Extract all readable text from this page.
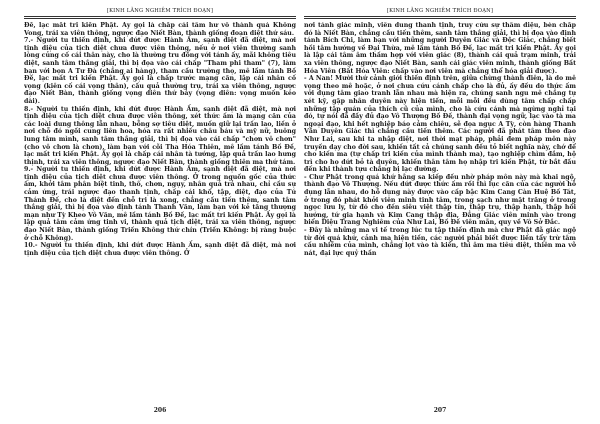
[KINH LĂNG NGHIÊM TRÍCH ĐOẠN]

Đề, lạc mất tri kiến Phật. Ấy gọi là chấp cái tâm hư vô thành quả Không Vong, trái xa viên thông, ngược đạo Niết Bàn, thành giống đoạn diệt thứ sáu.

7.- Người tu thiền định, khi dứt được Hành Ấm, sạnh diệt đã diệt, mà nơi tịnh diệu của tịch diệt chưa được viên thông, nếu ở nơi viên thường sanh lòng củng cố cái thân này, cho là thường tru đồng với tánh ấy, mãi không tiêu diệt, sanh tâm thắng giải, thì bị đọa vào cái chấp "Tham phi tham" (7), làm bạn với bọn A Tư Đà (chẳng ai hàng), tham cầu trường thọ, mê lầm tánh Bồ Đề, lạc mất tri kiến Phật. Ấy gọi là chấp trước mạng căn, lập cái nhân cố vọng (kiên cố cái vọng thân), cầu quả thường trụ, trái xa viên thông, ngược đạo Niết Bàn, thành giống vọng diên thứ bảy (vọng diên: vọng muốn kéo dài).

8.- Người tu thiền định, khi dứt được Hành Ấm, sạnh diệt đã diệt, mà nơi tịnh diệu của tịch diệt chưa được viên thông, xét thức ấm là mạng căn của các loài dung thông lẫn nhau, bỗng sợ tiêu diệt, muốn giữ lại trần lao, liền ở nơi chỗ đó ngồi cung liên hoa, hóa ra rất nhiều châu báu và mỹ nữ, buông lung tâm mình, sanh tâm thắng giải, thì bị đọa vào cái chấp "chơn vô chơn" (cho vô chơn là chơn), làm bạn với cõi Tha Hóa Thiên, mê lầm tánh Bồ Đề, lạc mất tri kiến Phật. Ấy gọi là chấp cái nhân tà tướng, lập quả trần lao hưng thịnh, trái xa viên thông, ngược đạo Niết Bàn, thành giống thiên ma thứ tám.

9.- Người tu thiền định, khi dứt được Hành Ấm, sạnh diệt đã diệt, mà nơi tịnh diệu của tịch diệt chưa được viên thông. Ở trong nguồn gốc của thức ấm, khởi tâm phân biệt tinh, thô, chơn, ngụy, nhân quả trả nhau, chỉ cầu sự cảm ứng, trái ngược đạo thanh tịnh, chấp cái khổ, tập, diệt, đạo của Tứ Thánh Đế, cho là diệt đến chỗ tri là xong, chẳng cầu tiến thêm, sanh tâm thắng giải, thì bị đọa vào định tánh Thanh Văn, làm bạn với kẻ tăng thượng mạn như Tỳ Kheo Vô Văn, mê lầm tánh Bồ Đề, lạc mất tri kiến Phật. Ấy gọi là lập quả tâm cảm ứng tinh vi, thành quả tịch diệt, trái xa viên thông, ngược đạo Niết Bàn, thành giống Triền Không thứ chín (Triền Không: bị ràng buộc ở chỗ Không).

10.- Người tu thiền định, khi dứt được Hành Ấm, sạnh diệt đã diệt, mà nơi tịnh diệu của tịch diệt chưa được viên thông. Ở

206
[KINH LĂNG NGHIÊM TRÍCH ĐOẠN]

nơi tánh giác minh, viên dung thanh tịnh, truy cứu sự thâm diệu, bèn chấp đó là Niết Bàn, chẳng cầu tiến thêm, sanh tâm thắng giải, thì bị đọa vào định tánh Bích Chi, làm bạn với những người Duyên Giác và Độc Giác, chẳng biết hồi tâm hướng về Đại Thừa, mê lầm tánh Bồ Đề, lạc mất tri kiến Phật. Ấy gọi là lập cái tâm âm thầm hợp với viên giác (8), thành cái quả trạm minh, trái xa viên thông, ngược đạo Niết Bàn, sanh cái giác viên minh, thành giống Bất Hóa Viên (Bất Hóa Viên: chấp vào nơi viên mà chẳng thể hóa giải được).

- A Nan! Mười thứ cảnh giới thiền định trên, giữa chừng thành điên, là do mê vọng theo mê hoặc, ở nơi chưa cứu cánh chấp cho là đủ, ấy đều do thức ấm với dụng tâm giao tranh lẫn nhau mà hiện ra, chúng sanh ngu mê chẳng tự xét kỹ, gặp nhân duyên này hiện tiền, mỗi mỗi đều dùng tâm chấp chấp những tập quán của thích cũ của mình, cho là cứu cánh mà ngừng nghỉ tại đó, tự nói đã đầy đủ đạo Vô Thượng Bồ Đề, thành đại vọng ngữ, lạc vào tà ma ngoại đạo, khi hết nghiệp báo cảm chiêu, sẽ đọa ngục A Tỳ, còn hàng Thanh Văn Duyên Giác thì chẳng cầu tiến thêm. Các người đã phát tâm theo đạo Như Lai, sau khi ta nhập diệt, nơi thời mạt pháp, phải đem pháp môn này truyền dạy cho đời sau, khiến tất cả chúng sanh đều tỏ biết nghĩa này, chớ để cho kiến ma (tự chấp tri kiến của mình thành ma), tạo nghiệp chìm đắm, hộ trì cho họ dứt bỏ tà duyên, khiến thân tâm họ nhập tri kiến Phật, từ bắt đầu đến khi thành tựu chẳng bị lạc đường.

- Chư Phật trong quá khứ hằng sa kiếp đều nhờ pháp môn này mà khai ngộ, thành đạo Vô Thượng. Nếu dứt được thức ấm rồi thì lục căn của các người hỗ dụng lẫn nhau, do hỗ dụng này được vào cấp bậc Kim Cang Càn Huệ Bồ Tát, ở trong đó phát khởi viên minh tinh tâm, trong sạch như mặt trăng ở trong ngọc lưu ly, từ đó cho đến siêu việt thập tín, thập trụ, thập hạnh, thập hồi hướng, tứ gia hạnh và Kim Cang thập địa, Đẳng Giác viên minh vào trong biển Diệu Trang Nghiêm của Như Lai, Bồ Đề viên mãn, quy về Vô Sở Đắc.

- Đây là những ma vi tế trong lúc tu tập thiền định mà chư Phật đã giác ngộ từ đời quá khứ, cảnh ma hiện tiền, các người phải biết được liền tẩy trừ tâm cấu nhiễm của mình, chẳng lọt vào tà kiến, thì âm ma tiêu diệt, thiên ma vỡ nát, đại lực quỷ thần

207
